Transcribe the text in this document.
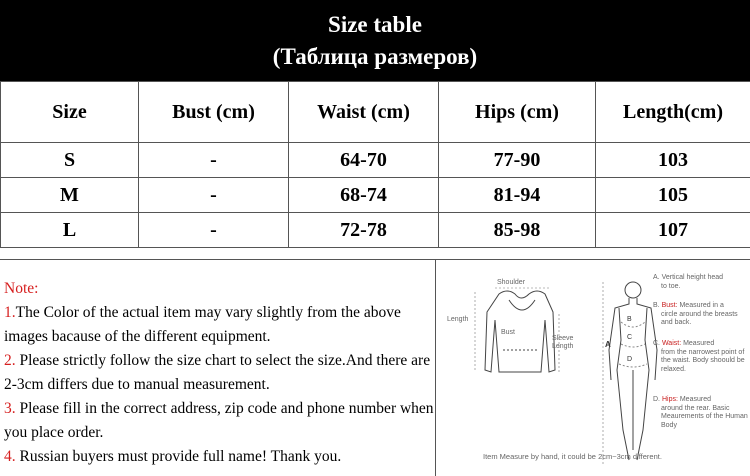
Size table
(Таблица размеров)
Size	Bust (cm)	Waist (cm)	Hips (cm)	Length(cm)
S	-	64-70	77-90	103
M	-	68-74	81-94	105
L	-	72-78	85-98	107

Note:

1.The Color of the actual item may vary slightly from the above images bacause of the different equipment.

2. Please strictly follow the size chart to select the size.And there are 2-3cm differs due to manual measurement.

3. Please fill in the correct address, zip code and phone number when you place order.

4. Russian buyers must provide full name! Thank you.

Shoulder
Length
Bust
Sleeve
Length	A
B
C
D
A. Vertical height head
to toe.
B. Bust: Measured in a
circle around the breasts and back.
C. Waist: Measured
from the narrowest point of the waist. Body shoould be relaxed.
D. Hips: Measured
around the rear. Basic Meaurements of the Human Body
Item Measure by hand, it could be 2cm~3cm different.
